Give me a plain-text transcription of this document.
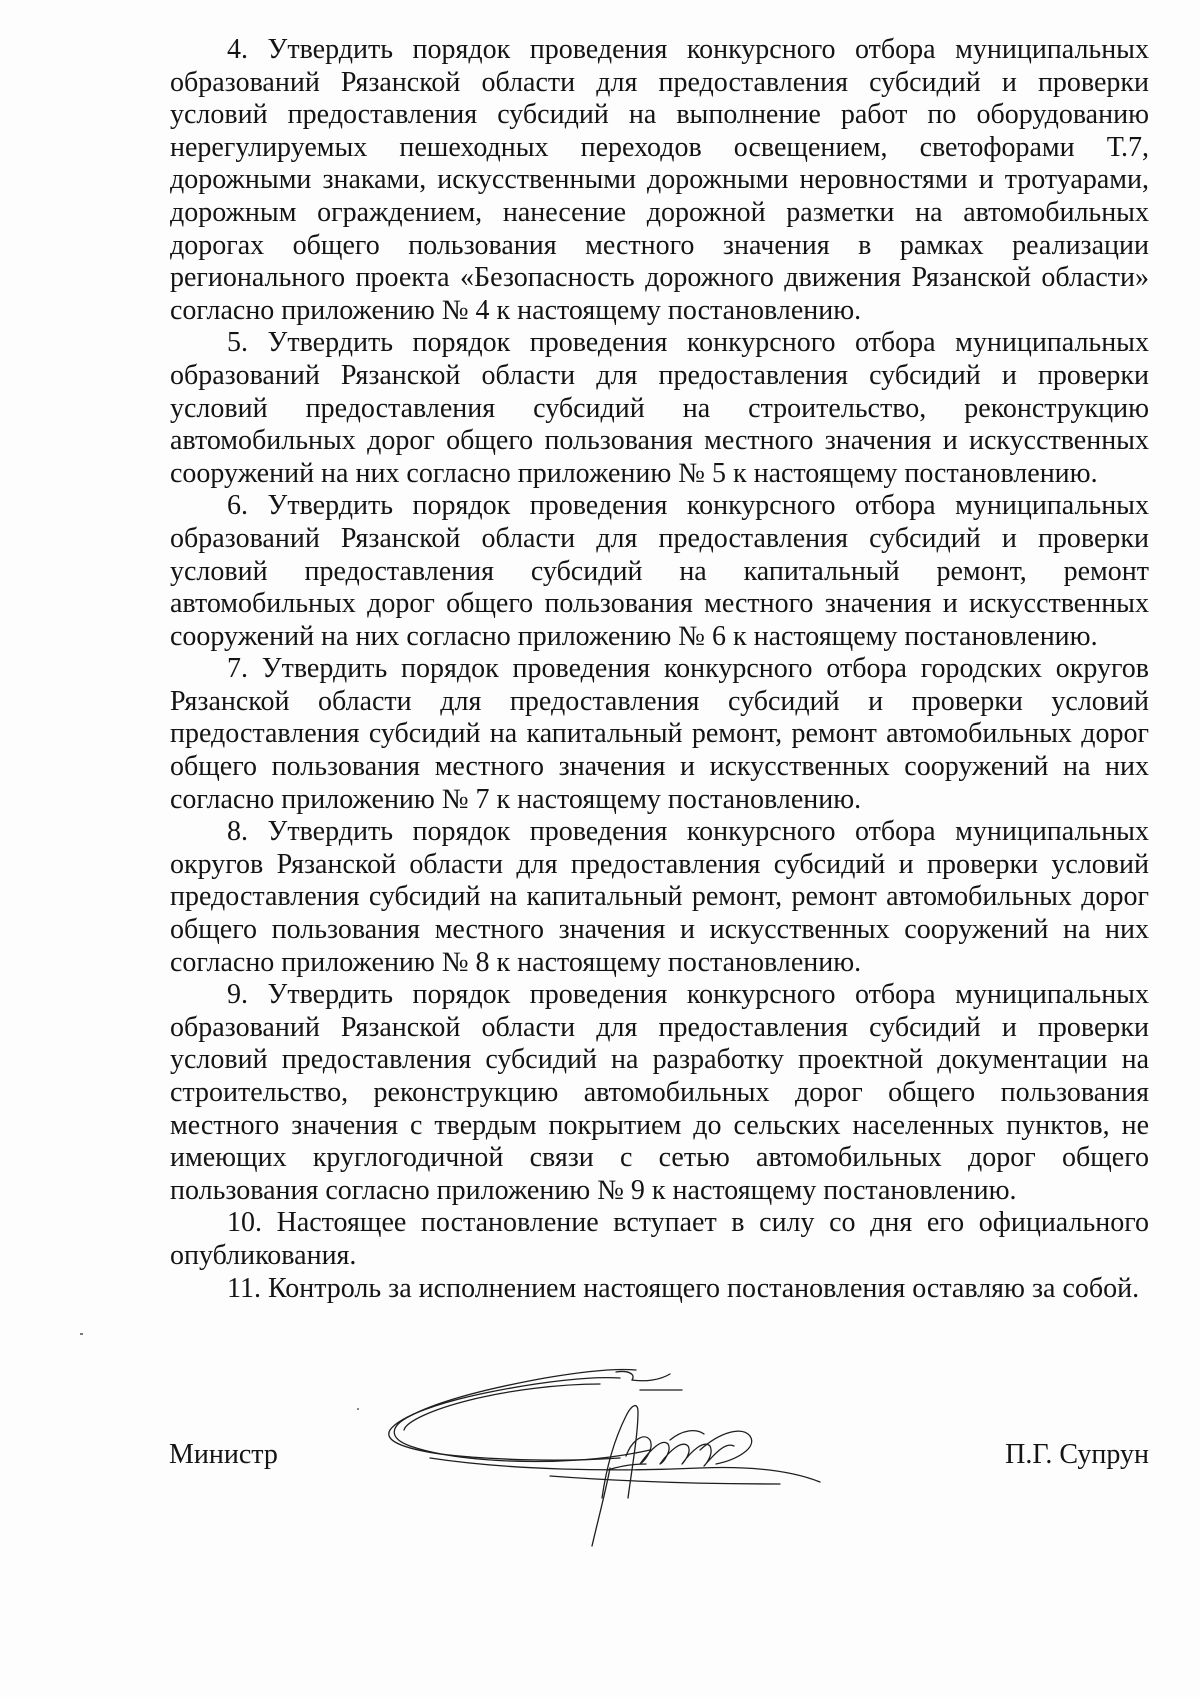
4. Утвердить порядок проведения конкурсного отбора муниципальных образований Рязанской области для предоставления субсидий и проверки условий предоставления субсидий на выполнение работ по оборудованию нерегулируемых пешеходных переходов освещением, светофорами Т.7, дорожными знаками, искусственными дорожными неровностями и тротуарами, дорожным ограждением, нанесение дорожной разметки на автомобильных дорогах общего пользования местного значения в рамках реализации регионального проекта «Безопасность дорожного движения Рязанской области» согласно приложению № 4 к настоящему постановлению.

5. Утвердить порядок проведения конкурсного отбора муниципальных образований Рязанской области для предоставления субсидий и проверки условий предоставления субсидий на строительство, реконструкцию автомобильных дорог общего пользования местного значения и искусственных сооружений на них согласно приложению № 5 к настоящему постановлению.

6. Утвердить порядок проведения конкурсного отбора муниципальных образований Рязанской области для предоставления субсидий и проверки условий предоставления субсидий на капитальный ремонт, ремонт автомобильных дорог общего пользования местного значения и искусственных сооружений на них согласно приложению № 6 к настоящему постановлению.

7. Утвердить порядок проведения конкурсного отбора городских округов Рязанской области для предоставления субсидий и проверки условий предоставления субсидий на капитальный ремонт, ремонт автомобильных дорог общего пользования местного значения и искусственных сооружений на них согласно приложению № 7 к настоящему постановлению.

8. Утвердить порядок проведения конкурсного отбора муниципальных округов Рязанской области для предоставления субсидий и проверки условий предоставления субсидий на капитальный ремонт, ремонт автомобильных дорог общего пользования местного значения и искусственных сооружений на них согласно приложению № 8 к настоящему постановлению.

9. Утвердить порядок проведения конкурсного отбора муниципальных образований Рязанской области для предоставления субсидий и проверки условий предоставления субсидий на разработку проектной документации на строительство, реконструкцию автомобильных дорог общего пользования местного значения с твердым покрытием до сельских населенных пунктов, не имеющих круглогодичной связи с сетью автомобильных дорог общего пользования согласно приложению № 9 к настоящему постановлению.

10. Настоящее постановление вступает в силу со дня его официального опубликования.

11. Контроль за исполнением настоящего постановления оставляю за собой.

Министр	П.Г. Супрун
